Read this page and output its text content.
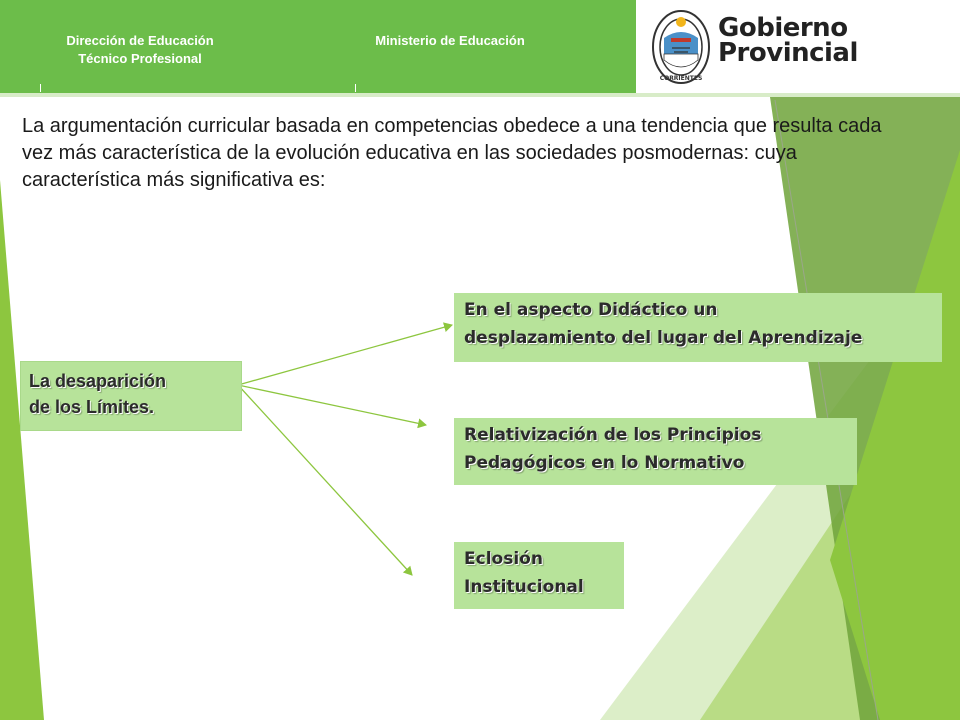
Dirección de Educación
Técnico Profesional
Ministerio de Educación
CORRIENTES
Gobierno
Provincial
La argumentación curricular basada en competencias obedece a una tendencia que resulta cada vez más característica de la evolución educativa en las sociedades posmodernas: cuya característica más significativa es:
La desaparición
de los Límites.
En el aspecto Didáctico un
desplazamiento del lugar del Aprendizaje
Relativización de los Principios
Pedagógicos en lo Normativo
Eclosión
Institucional
